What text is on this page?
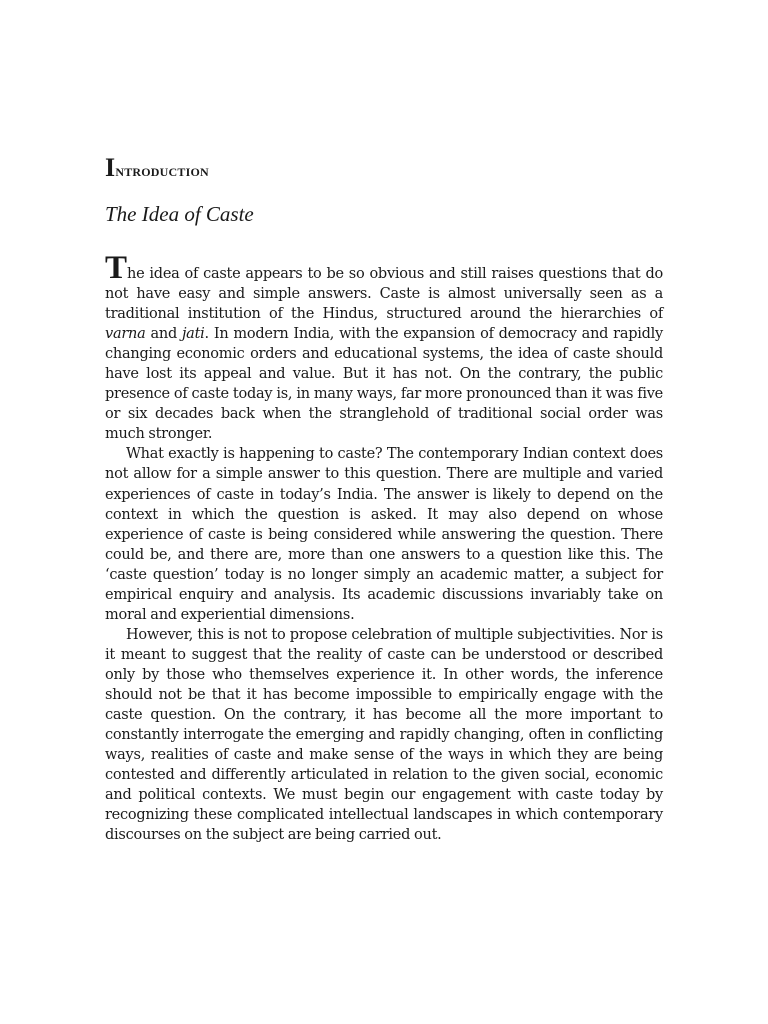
Introduction
The Idea of Caste

The idea of caste appears to be so obvious and still raises questions that do not have easy and simple answers. Caste is almost universally seen as a traditional institution of the Hindus, structured around the hierarchies of varna and jati. In modern India, with the expansion of democracy and rapidly changing economic orders and educational systems, the idea of caste should have lost its appeal and value. But it has not. On the contrary, the public presence of caste today is, in many ways, far more pronounced than it was five or six decades back when the stranglehold of traditional social order was much stronger.

What exactly is happening to caste? The contemporary Indian context does not allow for a simple answer to this question. There are multiple and varied experiences of caste in today’s India. The answer is likely to depend on the context in which the question is asked. It may also depend on whose experience of caste is being considered while answering the question. There could be, and there are, more than one answers to a question like this. The ‘caste question’ today is no longer simply an academic matter, a subject for empirical enquiry and analysis. Its academic discussions invariably take on moral and experiential dimensions.

However, this is not to propose celebration of multiple subjectivities. Nor is it meant to suggest that the reality of caste can be understood or described only by those who themselves experience it. In other words, the inference should not be that it has become impossible to empirically engage with the caste question. On the contrary, it has become all the more important to constantly interrogate the emerging and rapidly changing, often in conflicting ways, realities of caste and make sense of the ways in which they are being contested and differently articulated in relation to the given social, economic and political contexts. We must begin our engagement with caste today by recognizing these complicated intellectual landscapes in which contemporary discourses on the subject are being carried out.
